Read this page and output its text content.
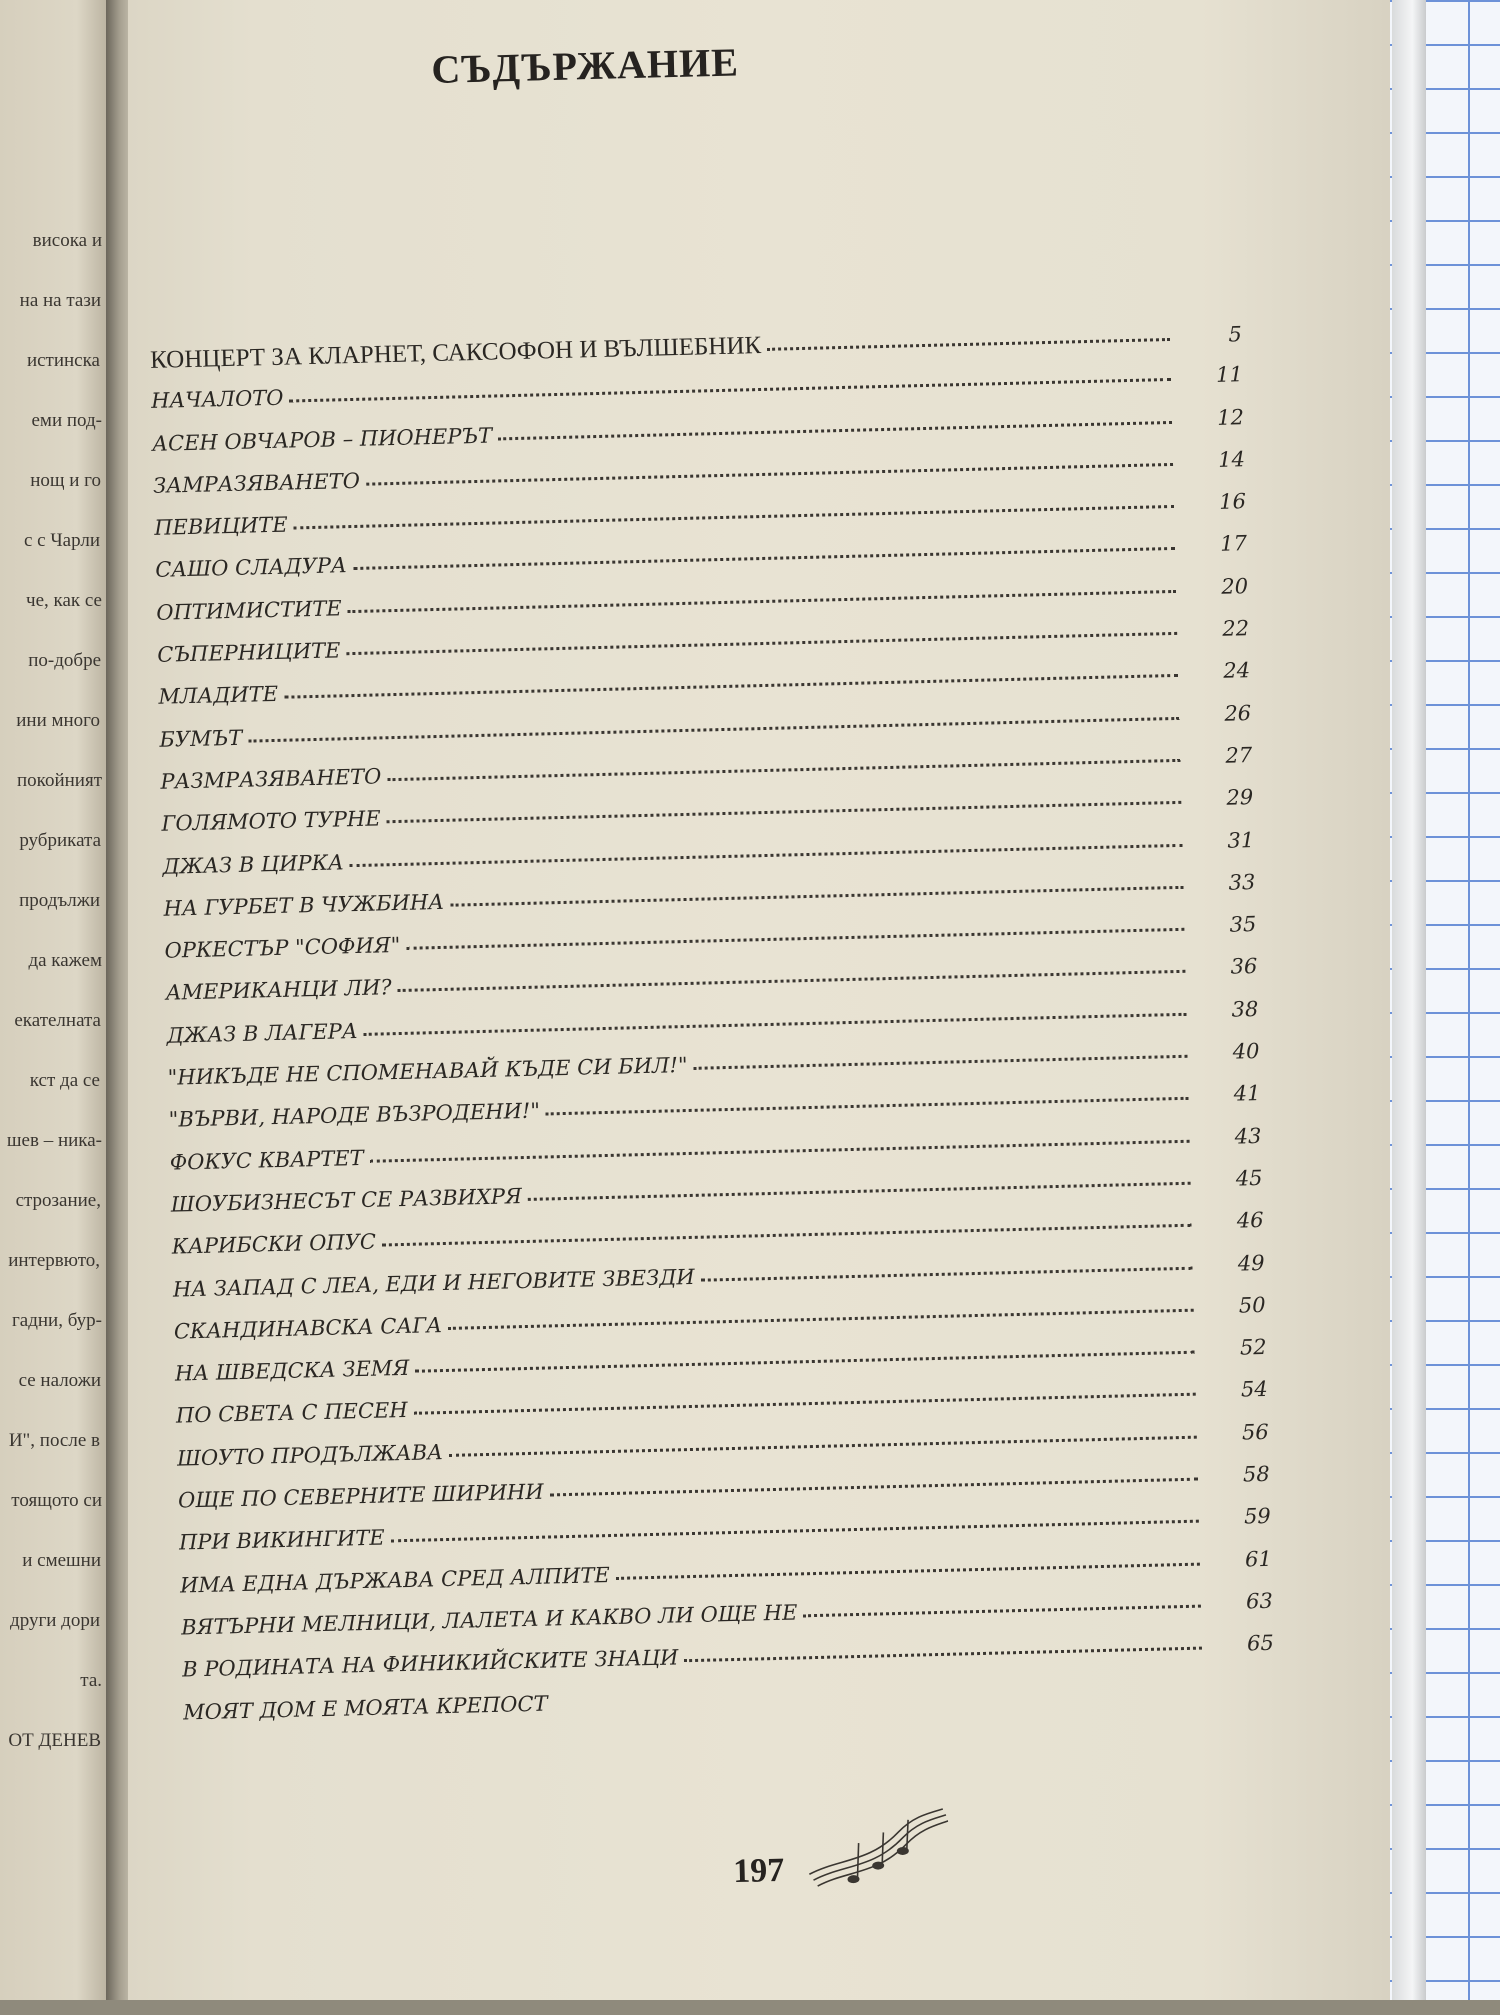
висока и
на на тази
истинска
еми под-
нощ и го
с с Чарли
че, как се
по-добре
ини много
покойният
рубриката
продължи
да кажем
екателната
кст да се
шев – ника-
строзание,
интервюто,
гадни, бур-
се наложи
И", после в
тоящото си
и смешни
други дори
та.
ОТ ДЕНЕВ
СЪДЪРЖАНИЕ
КОНЦЕРТ ЗА КЛАРНЕТ, САКСОФОН И ВЪЛШЕБНИК	5
НАЧАЛОТО
11
АСЕН ОВЧАРОВ – ПИОНЕРЪТ
12
ЗАМРАЗЯВАНЕТО
14
ПЕВИЦИТЕ
16
САШО СЛАДУРА
17
ОПТИМИСТИТЕ
20
СЪПЕРНИЦИТЕ
22
МЛАДИТЕ
24
БУМЪТ
26
РАЗМРАЗЯВАНЕТО
27
ГОЛЯМОТО ТУРНЕ
29
ДЖАЗ В ЦИРКА
31
НА ГУРБЕТ В ЧУЖБИНА
33
ОРКЕСТЪР "СОФИЯ"
35
АМЕРИКАНЦИ ЛИ?
36
ДЖАЗ В ЛАГЕРА
38
"НИКЪДЕ НЕ СПОМЕНАВАЙ КЪДЕ СИ БИЛ!"
40
"ВЪРВИ, НАРОДЕ ВЪЗРОДЕНИ!"
41
ФОКУС КВАРТЕТ
43
ШОУБИЗНЕСЪТ СЕ РАЗВИХРЯ
45
КАРИБСКИ ОПУС
46
НА ЗАПАД С ЛЕА, ЕДИ И НЕГОВИТЕ ЗВЕЗДИ
49
СКАНДИНАВСКА САГА
50
НА ШВЕДСКА ЗЕМЯ
52
ПО СВЕТА С ПЕСЕН
54
ШОУТО ПРОДЪЛЖАВА
56
ОЩЕ ПО СЕВЕРНИТЕ ШИРИНИ
58
ПРИ ВИКИНГИТЕ
59
ИМА ЕДНА ДЪРЖАВА СРЕД АЛПИТЕ
61
ВЯТЪРНИ МЕЛНИЦИ, ЛАЛЕТА И КАКВО ЛИ ОЩЕ НЕ	63
В РОДИНАТА НА ФИНИКИЙСКИТЕ ЗНАЦИ
65
МОЯТ ДОМ Е МОЯТА КРЕПОСТ
197
